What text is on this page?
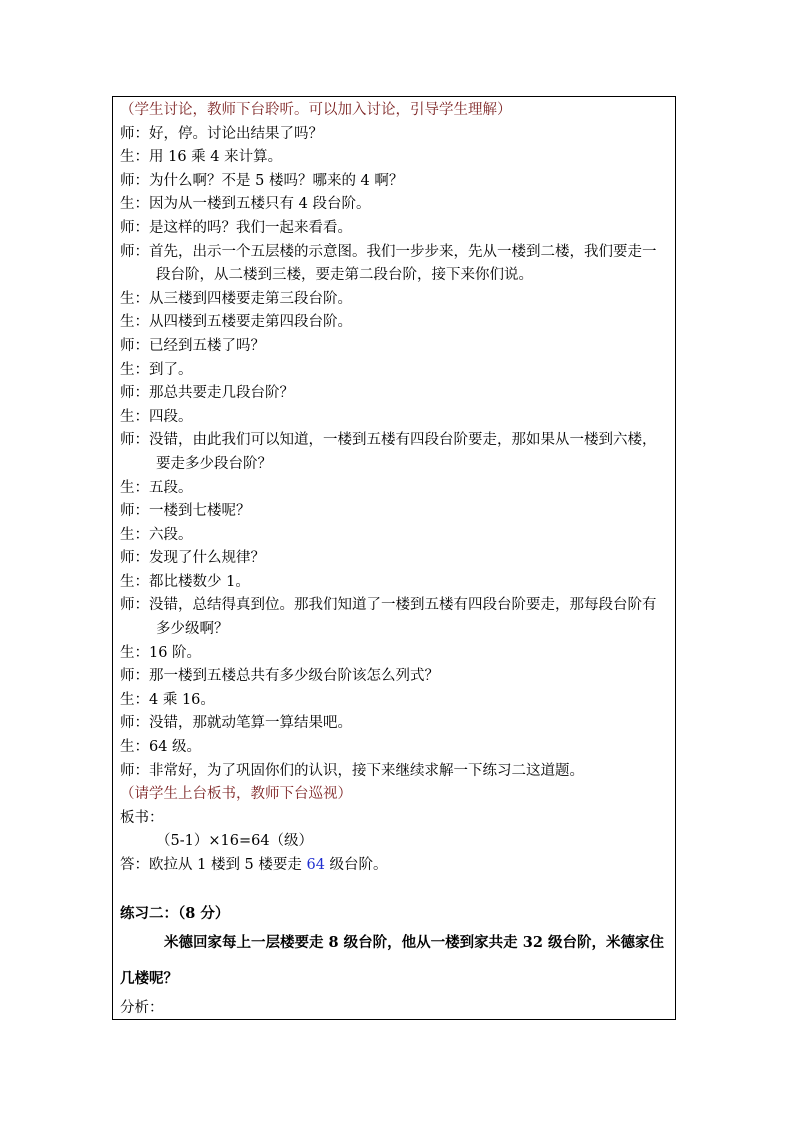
（学生讨论，教师下台聆听。可以加入讨论，引导学生理解）
师：好，停。讨论出结果了吗？
生：用 16 乘 4 来计算。
师：为什么啊？不是 5 楼吗？哪来的 4 啊？
生：因为从一楼到五楼只有 4 段台阶。
师：是这样的吗？我们一起来看看。
师：首先，出示一个五层楼的示意图。我们一步步来，先从一楼到二楼，我们要走一段台阶，从二楼到三楼，要走第二段台阶，接下来你们说。
生：从三楼到四楼要走第三段台阶。
生：从四楼到五楼要走第四段台阶。
师：已经到五楼了吗？
生：到了。
师：那总共要走几段台阶？
生：四段。
师：没错，由此我们可以知道，一楼到五楼有四段台阶要走，那如果从一楼到六楼，要走多少段台阶？
生：五段。
师：一楼到七楼呢？
生：六段。
师：发现了什么规律？
生：都比楼数少 1。
师：没错，总结得真到位。那我们知道了一楼到五楼有四段台阶要走，那每段台阶有多少级啊？
生：16 阶。
师：那一楼到五楼总共有多少级台阶该怎么列式？
生：4 乘 16。
师：没错，那就动笔算一算结果吧。
生：64 级。
师：非常好，为了巩固你们的认识，接下来继续求解一下练习二这道题。
（请学生上台板书，教师下台巡视）
板书：
（5-1）×16=64（级）
答：欧拉从 1 楼到 5 楼要走 64 级台阶。
练习二：（8 分）
米德回家每上一层楼要走 8 级台阶，他从一楼到家共走 32 级台阶，米德家住几楼呢？
分析：
